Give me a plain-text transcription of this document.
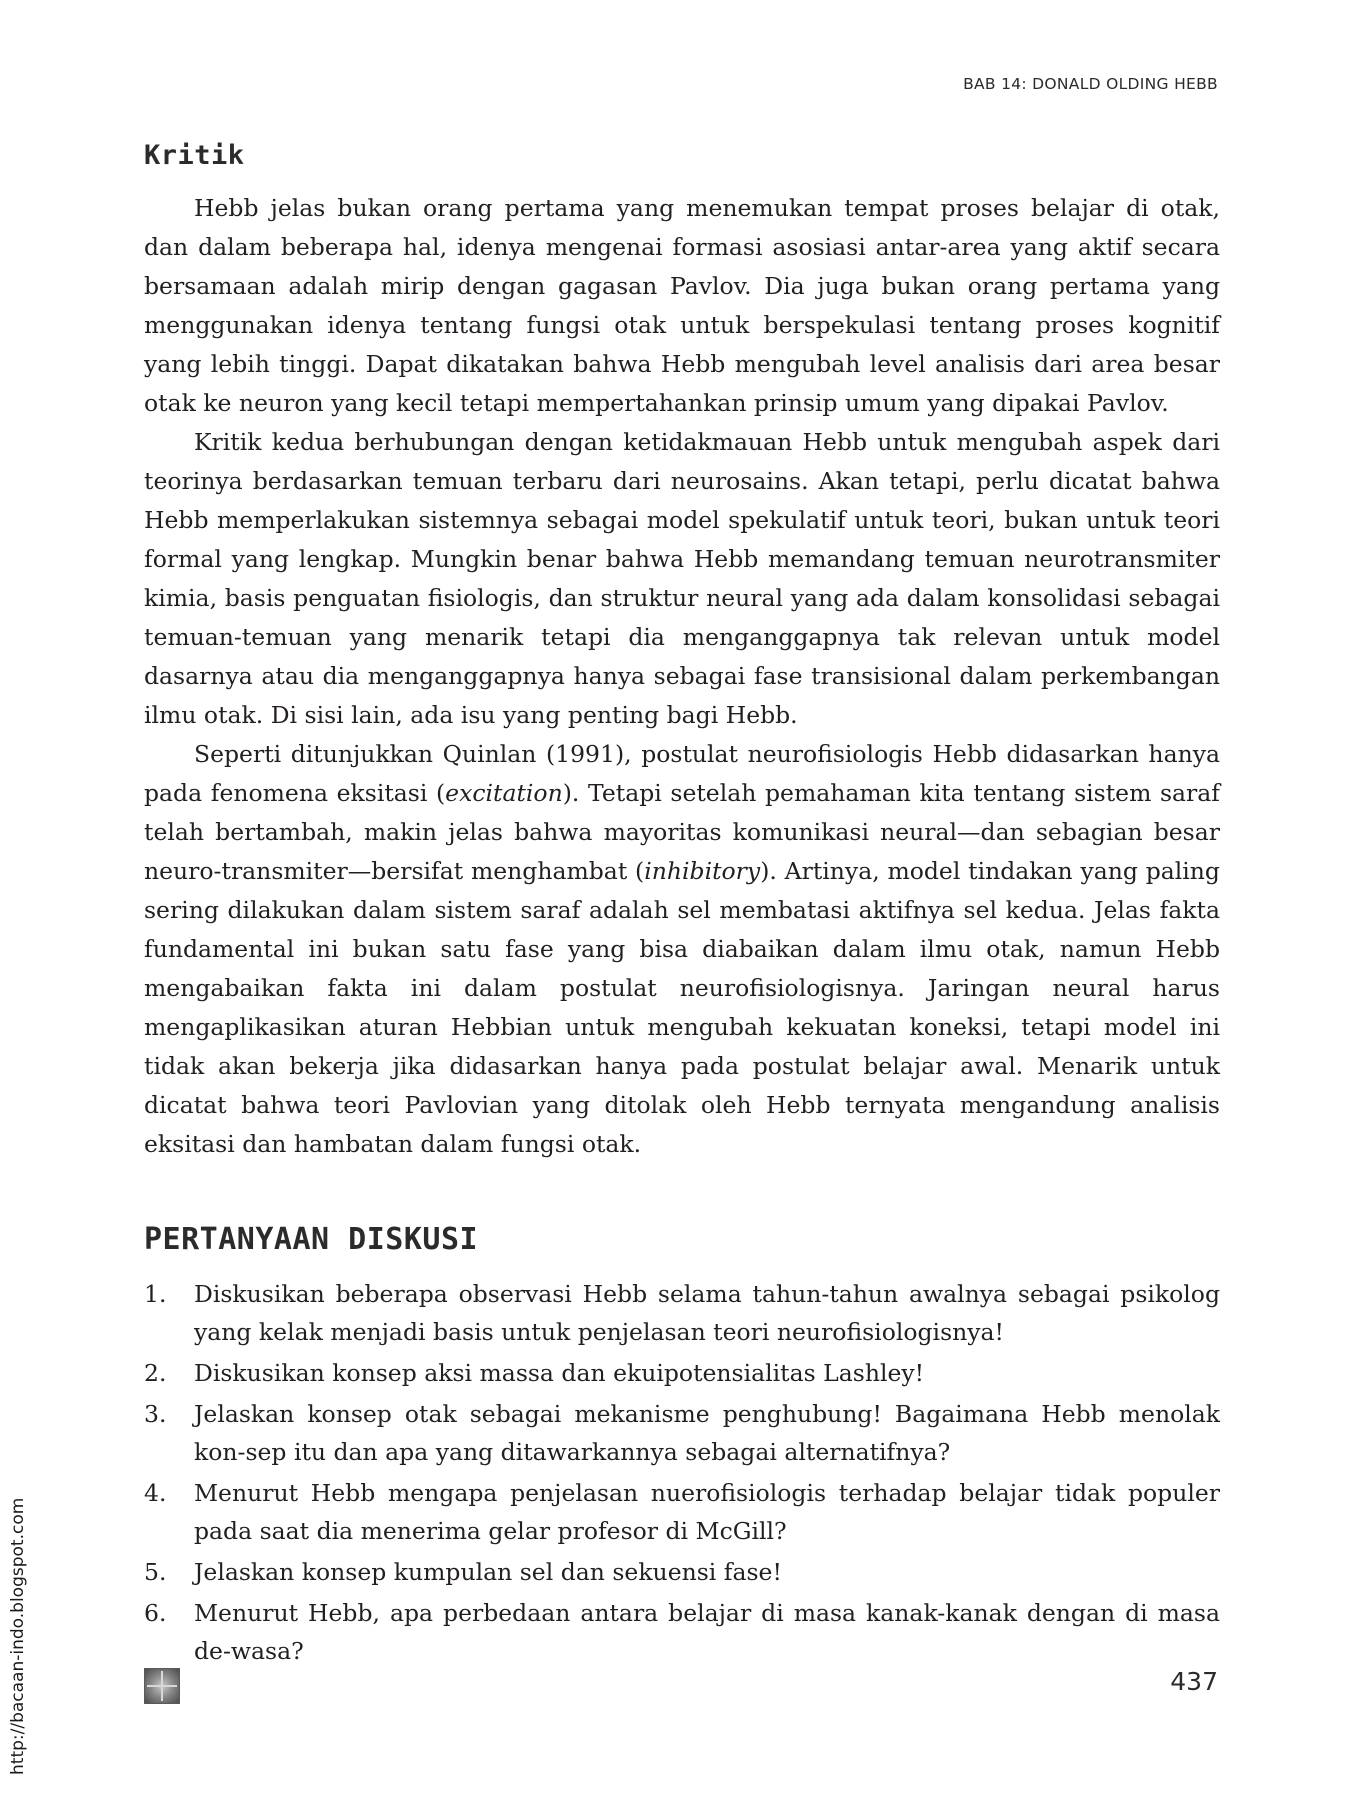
BAB 14: DONALD OLDING HEBB
Kritik

Hebb jelas bukan orang pertama yang menemukan tempat proses belajar di otak, dan dalam beberapa hal, idenya mengenai formasi asosiasi antar-area yang aktif secara bersamaan adalah mirip dengan gagasan Pavlov. Dia juga bukan orang pertama yang menggunakan idenya tentang fungsi otak untuk berspekulasi tentang proses kognitif yang lebih tinggi. Dapat dikatakan bahwa Hebb mengubah level analisis dari area besar otak ke neuron yang kecil tetapi mempertahankan prinsip umum yang dipakai Pavlov.

Kritik kedua berhubungan dengan ketidakmauan Hebb untuk mengubah aspek dari teorinya berdasarkan temuan terbaru dari neurosains. Akan tetapi, perlu dicatat bahwa Hebb memperlakukan sistemnya sebagai model spekulatif untuk teori, bukan untuk teori formal yang lengkap. Mungkin benar bahwa Hebb memandang temuan neurotransmiter kimia, basis penguatan fisiologis, dan struktur neural yang ada dalam konsolidasi sebagai temuan-temuan yang menarik tetapi dia menganggapnya tak relevan untuk model dasarnya atau dia menganggapnya hanya sebagai fase transisional dalam perkembangan ilmu otak. Di sisi lain, ada isu yang penting bagi Hebb.

Seperti ditunjukkan Quinlan (1991), postulat neurofisiologis Hebb didasarkan hanya pada fenomena eksitasi (excitation). Tetapi setelah pemahaman kita tentang sistem saraf telah bertambah, makin jelas bahwa mayoritas komunikasi neural—dan sebagian besar neuro-transmiter—bersifat menghambat (inhibitory). Artinya, model tindakan yang paling sering dilakukan dalam sistem saraf adalah sel membatasi aktifnya sel kedua. Jelas fakta fundamental ini bukan satu fase yang bisa diabaikan dalam ilmu otak, namun Hebb mengabaikan fakta ini dalam postulat neurofisiologisnya. Jaringan neural harus mengaplikasikan aturan Hebbian untuk mengubah kekuatan koneksi, tetapi model ini tidak akan bekerja jika didasarkan hanya pada postulat belajar awal. Menarik untuk dicatat bahwa teori Pavlovian yang ditolak oleh Hebb ternyata mengandung analisis eksitasi dan hambatan dalam fungsi otak.

PERTANYAAN DISKUSI
1. Diskusikan beberapa observasi Hebb selama tahun-tahun awalnya sebagai psikolog yang kelak menjadi basis untuk penjelasan teori neurofisiologisnya!
2. Diskusikan konsep aksi massa dan ekuipotensialitas Lashley!
3. Jelaskan konsep otak sebagai mekanisme penghubung! Bagaimana Hebb menolak kon-sep itu dan apa yang ditawarkannya sebagai alternatifnya?
4. Menurut Hebb mengapa penjelasan nuerofisiologis terhadap belajar tidak populer pada saat dia menerima gelar profesor di McGill?
5. Jelaskan konsep kumpulan sel dan sekuensi fase!
6. Menurut Hebb, apa perbedaan antara belajar di masa kanak-kanak dengan di masa de-wasa?
http://bacaan-indo.blogspot.com	437
